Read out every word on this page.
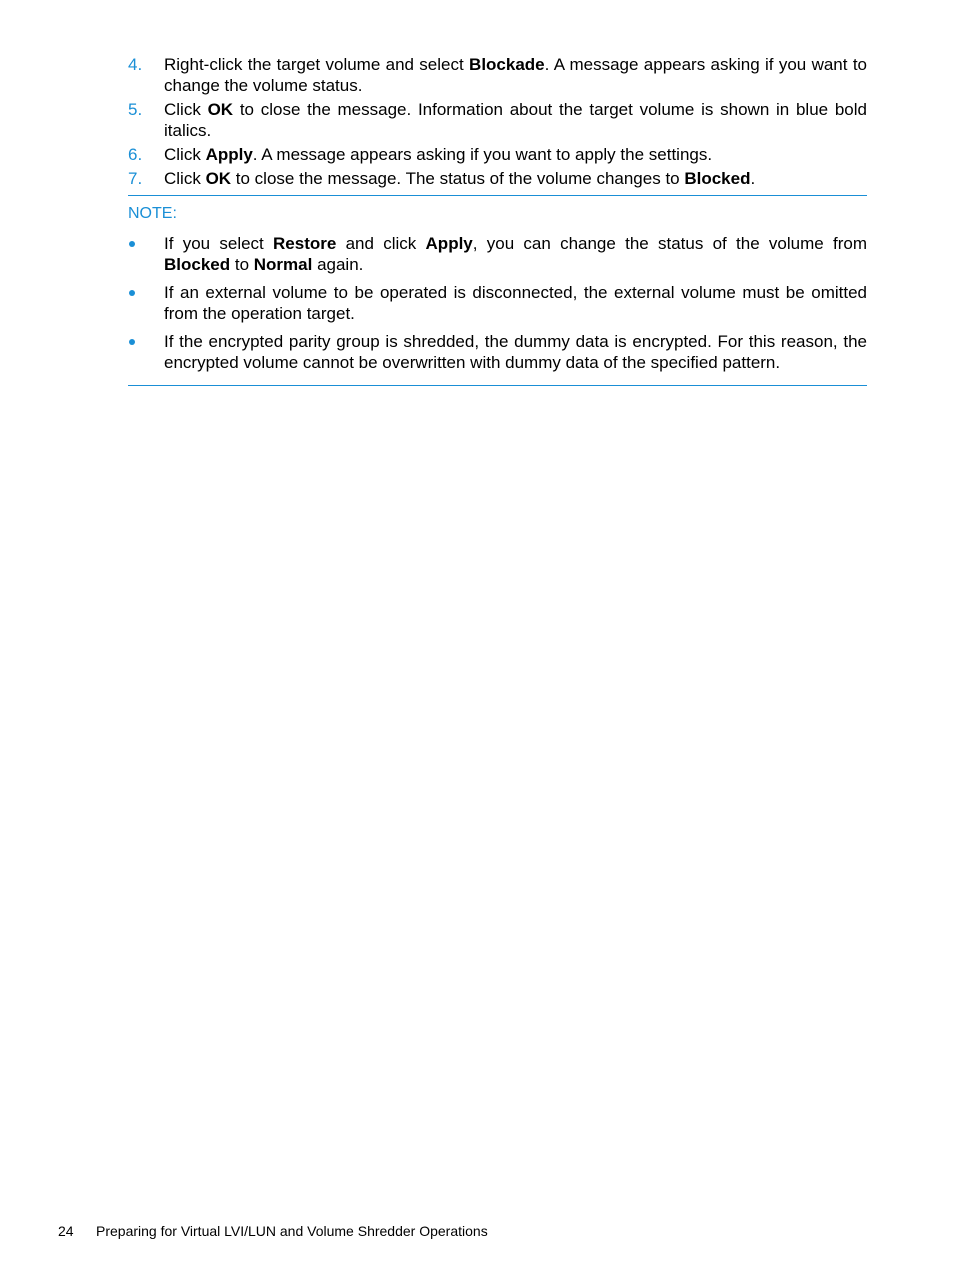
4. Right-click the target volume and select Blockade. A message appears asking if you want to change the volume status.
5. Click OK to close the message. Information about the target volume is shown in blue bold italics.
6. Click Apply. A message appears asking if you want to apply the settings.
7. Click OK to close the message. The status of the volume changes to Blocked.
NOTE:
If you select Restore and click Apply, you can change the status of the volume from Blocked to Normal again.
If an external volume to be operated is disconnected, the external volume must be omitted from the operation target.
If the encrypted parity group is shredded, the dummy data is encrypted. For this reason, the encrypted volume cannot be overwritten with dummy data of the specified pattern.
24 Preparing for Virtual LVI/LUN and Volume Shredder Operations
